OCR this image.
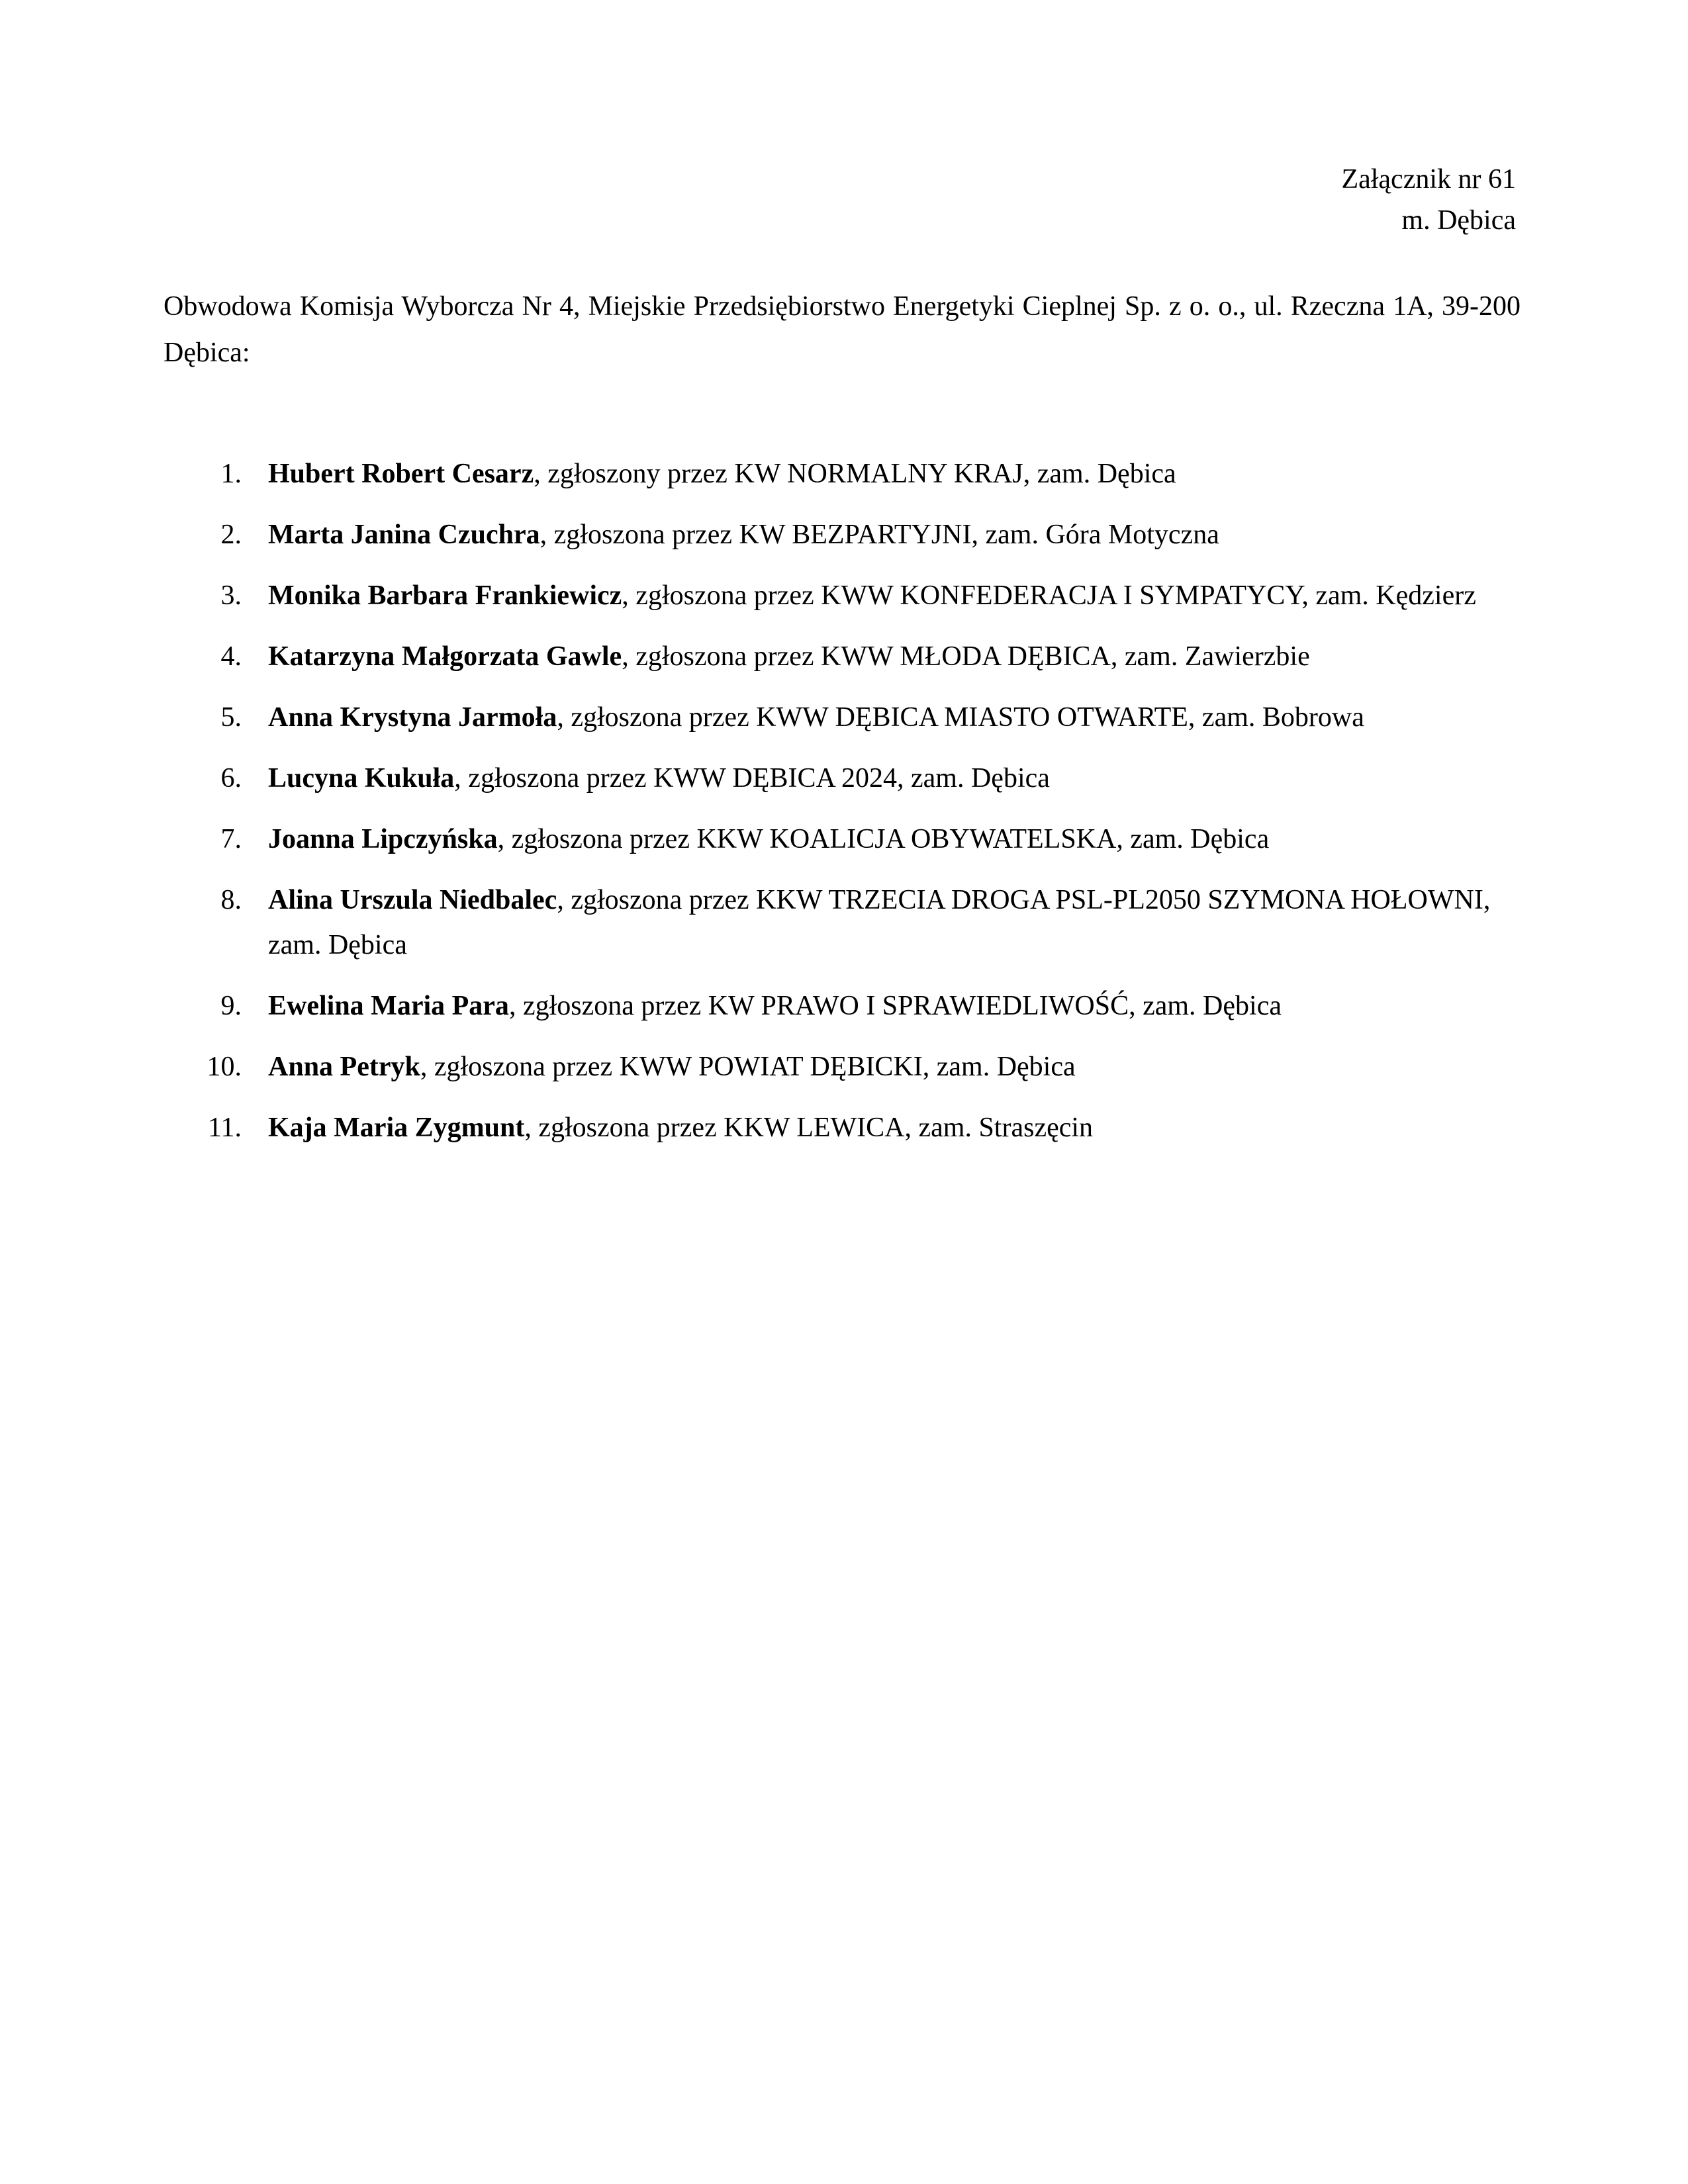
Załącznik nr 61
m. Dębica
Obwodowa Komisja Wyborcza Nr 4, Miejskie Przedsiębiorstwo Energetyki Cieplnej Sp. z o. o., ul. Rzeczna 1A, 39-200 Dębica:
1. Hubert Robert Cesarz, zgłoszony przez KW NORMALNY KRAJ, zam. Dębica
2. Marta Janina Czuchra, zgłoszona przez KW BEZPARTYJNI, zam. Góra Motyczna
3. Monika Barbara Frankiewicz, zgłoszona przez KWW KONFEDERACJA I SYMPATYCY, zam. Kędzierz
4. Katarzyna Małgorzata Gawle, zgłoszona przez KWW MŁODA DĘBICA, zam. Zawierzbie
5. Anna Krystyna Jarmoła, zgłoszona przez KWW DĘBICA MIASTO OTWARTE, zam. Bobrowa
6. Lucyna Kukuła, zgłoszona przez KWW DĘBICA 2024, zam. Dębica
7. Joanna Lipczyńska, zgłoszona przez KKW KOALICJA OBYWATELSKA, zam. Dębica
8. Alina Urszula Niedbalec, zgłoszona przez KKW TRZECIA DROGA PSL-PL2050 SZYMONA HOŁOWNI, zam. Dębica
9. Ewelina Maria Para, zgłoszona przez KW PRAWO I SPRAWIEDLIWOŚĆ, zam. Dębica
10. Anna Petryk, zgłoszona przez KWW POWIAT DĘBICKI, zam. Dębica
11. Kaja Maria Zygmunt, zgłoszona przez KKW LEWICA, zam. Straszęcin
